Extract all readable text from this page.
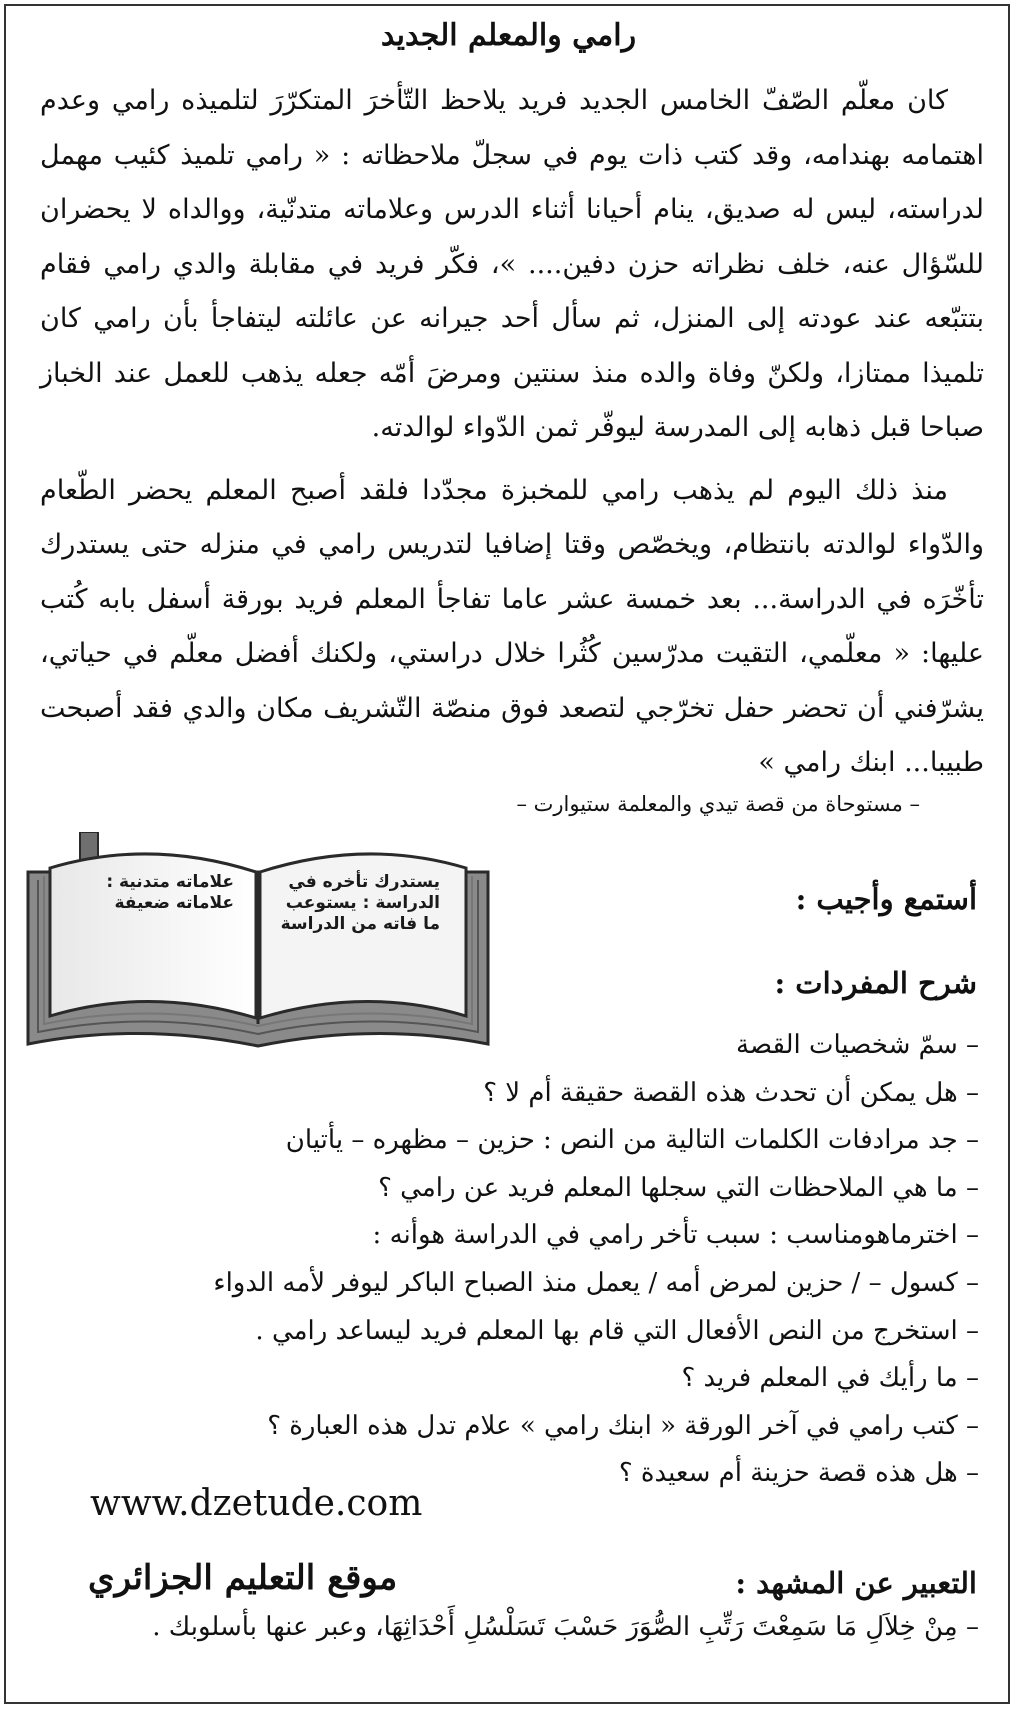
رامي والمعلم الجديد

كان معلّم الصّفّ الخامس الجديد فريد يلاحظ التّأخرَ المتكرّرَ لتلميذه رامي وعدم اهتمامه بهندامه، وقد كتب ذات يوم في سجلّ ملاحظاته : « رامي تلميذ كئيب مهمل لدراسته، ليس له صديق، ينام أحيانا أثناء الدرس وعلاماته متدنّية، ووالداه لا يحضران للسّؤال عنه، خلف نظراته حزن دفين.... »، فكّر فريد في مقابلة والدي رامي فقام بتتبّعه عند عودته إلى المنزل، ثم سأل أحد جيرانه عن عائلته ليتفاجأ بأن رامي كان تلميذا ممتازا، ولكنّ وفاة والده منذ سنتين ومرضَ أمّه جعله يذهب للعمل عند الخباز صباحا قبل ذهابه إلى المدرسة ليوفّر ثمن الدّواء لوالدته.

منذ ذلك اليوم لم يذهب رامي للمخبزة مجدّدا فلقد أصبح المعلم يحضر الطّعام والدّواء لوالدته بانتظام، ويخصّص وقتا إضافيا لتدريس رامي في منزله حتى يستدرك تأخّرَه في الدراسة... بعد خمسة عشر عاما تفاجأ المعلم فريد بورقة أسفل بابه كُتب عليها: « معلّمي، التقيت مدرّسين كُثُرا خلال دراستي، ولكنك أفضل معلّم في حياتي، يشرّفني أن تحضر حفل تخرّجي لتصعد فوق منصّة التّشريف مكان والدي فقد أصبحت طبيبا... ابنك رامي »

– مستوحاة من قصة تيدي والمعلمة ستيوارت –
علاماته متدنية : علاماته ضعيفة
يستدرك تأخره في الدراسة : يستوعب ما فاته من الدراسة
أستمع وأجيب :
شرح المفردات :
– سمّ شخصيات القصة
– هل يمكن أن تحدث هذه القصة حقيقة أم لا ؟
– جد مرادفات الكلمات التالية من النص : حزين – مظهره – يأتيان
– ما هي الملاحظات التي سجلها المعلم فريد عن رامي ؟
– اخترماهومناسب : سبب تأخر رامي في الدراسة هوأنه :
– كسول – / حزين لمرض أمه / يعمل منذ الصباح الباكر ليوفر لأمه الدواء
– استخرج من النص الأفعال التي قام بها المعلم فريد ليساعد رامي .
– ما رأيك في المعلم فريد ؟
– كتب رامي في آخر الورقة « ابنك رامي » علام تدل هذه العبارة ؟
– هل هذه قصة حزينة أم سعيدة ؟
www.dzetude.com
موقع التعليم الجزائري	التعبير عن المشهد :
– مِنْ خِلاَلِ مَا سَمِعْتَ رَتِّبِ الصُّوَرَ حَسْبَ تَسَلْسُلِ أَحْدَاثِهَا، وعبر عنها بأسلوبك .
